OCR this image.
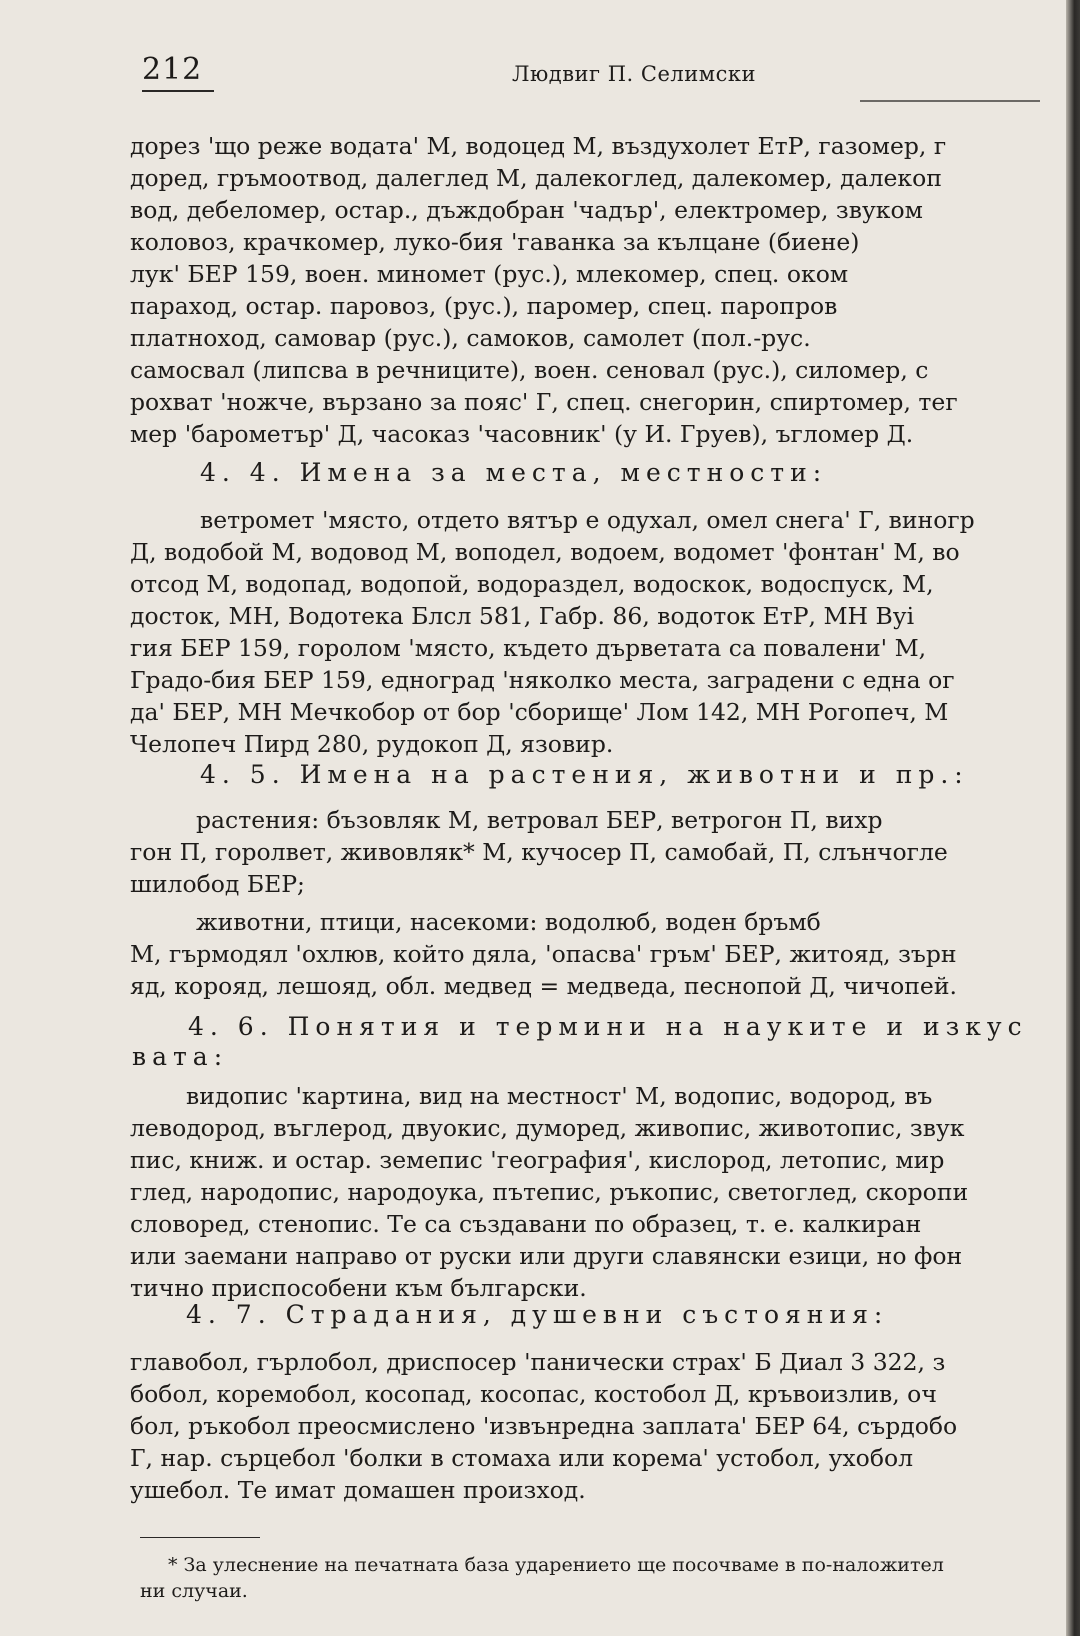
212	Людвиг П. Селимски
дорез 'що реже водата' М, водоцед М, въздухолет ЕтР, газомер, г
доред, гръмоотвод, далеглед М, далекоглед, далекомер, далекоп
вод, дебеломер, остар., дъждобран 'чадър', електромер, звуком
коловоз, крачкомер, луко-бия 'гаванка за кълцане (биене)
лук' БЕР 159, воен. миномет (рус.), млекомер, спец. оком
параход, остар. паровоз, (рус.), паромер, спец. паропров
платноход, самовар (рус.), самоков, самолет (пол.-рус.
самосвал (липсва в речниците), воен. сеновал (рус.), силомер, с
рохват 'ножче, вързано за пояс' Г, спец. снегорин, спиртомер, тег
мер 'барометър' Д, часоказ 'часовник' (у И. Груев), ъгломер Д.
4. 4. Имена за места, местности:
ветромет 'място, отдето вятър е одухал, омел снега' Г, виногр
Д, водобой М, водовод М, воподел, водоем, водомет 'фонтан' М, во
отсод М, водопад, водопой, водораздел, водоскок, водоспуск, М,
досток, МН, Водотека Блсл 581, Габр. 86, водоток ЕтР, МН Вуі
гия БЕР 159, горолом 'място, където дърветата са повалени' М,
Градо-бия БЕР 159, едноград 'няколко места, заградени с една ог
да' БЕР, МН Мечкобор от бор 'сборище' Лом 142, МН Рогопеч, М
Челопеч Пирд 280, рудокоп Д, язовир.
4. 5. Имена на растения, животни и пр.:
растения: бъзовляк М, ветровал БЕР, ветрогон П, вихр
гон П, горолвет, живовляк* М, кучосер П, самобай, П, слънчогле
шилобод БЕР;
животни, птици, насекоми: водолюб, воден бръмб
М, гърмодял 'охлюв, който дяла, 'опасва' гръм' БЕР, житояд, зърн
яд, корояд, лешояд, обл. медвед = медведа, песнопой Д, чичопей.
4. 6. Понятия и термини на науките и изкус
вата:
видопис 'картина, вид на местност' М, водопис, водород, въ
леводород, въглерод, двуокис, думоред, живопис, животопис, звук
пис, книж. и остар. земепис 'география', кислород, летопис, мир
глед, народопис, народоука, пътепис, ръкопис, светоглед, скоропи
словоред, стенопис. Те са създавани по образец, т. е. калкиран
или заемани направо от руски или други славянски езици, но фон
тично приспособени към български.
4. 7. Страдания, душевни състояния:
главобол, гърлобол, дриспосер 'панически страх' Б Диал 3 322, з
бобол, коремобол, косопад, косопас, костобол Д, кръвоизлив, оч
бол, ръкобол преосмислено 'извънредна заплата' БЕР 64, сърдобо
Г, нар. сърцебол 'болки в стомаха или корема' устобол, ухобол
ушебол. Те имат домашен произход.
* За улеснение на печатната база ударението ще посочваме в по-наложител
ни случаи.
